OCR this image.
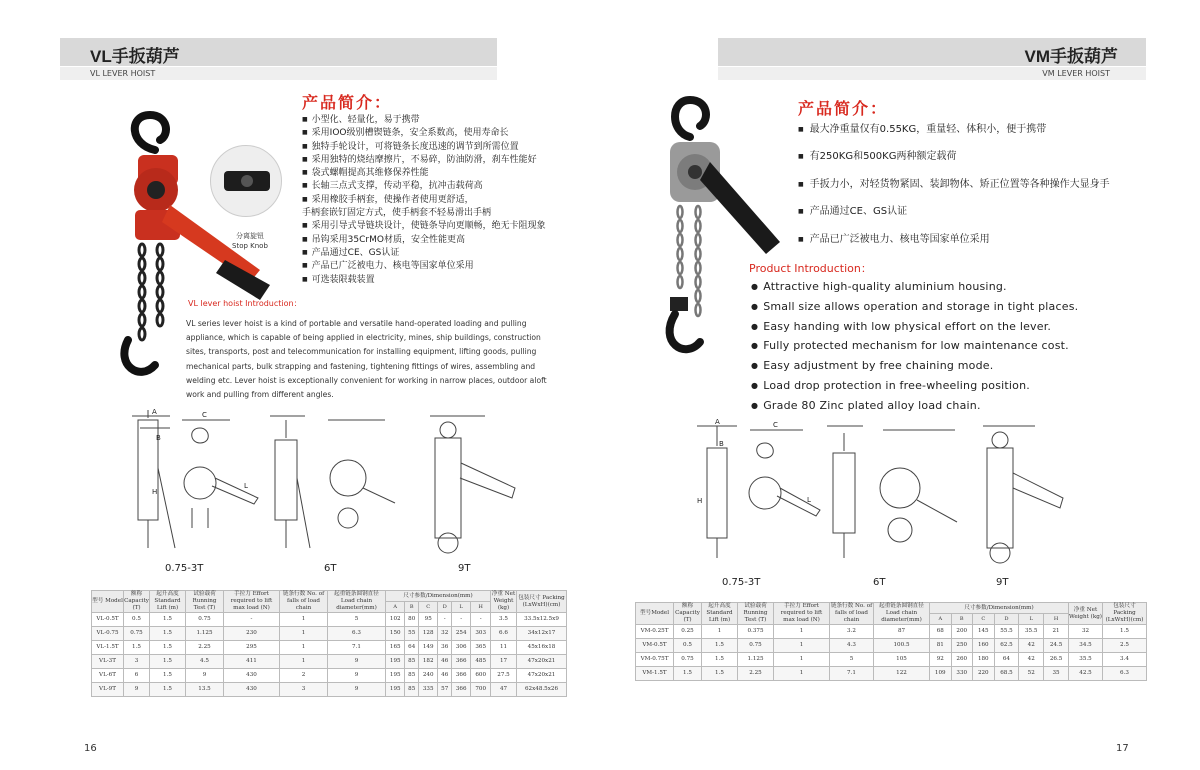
VL手扳葫芦
VL LEVER HOIST
分离旋钮
Stop Knob
产品简介：
■ 小型化、轻量化，易于携带
■ 采用IOO级别槽锲链条，安全系数高，使用寿命长
■ 独特手轮设计，可将链条长度迅速的调节到所需位置
■ 采用独特的烧结摩擦片，不易碎，防油防滑，刹车性能好
■ 袋式螺帽提高其维修保养性能
■ 长轴三点式支撑，传动平稳，抗冲击载荷高
■ 采用橡胶手柄套，使操作者使用更舒适，
手柄套嵌钉固定方式，使手柄套不轻易滑出手柄
■ 采用引导式导链块设计，使链条导向更顺畅，绝无卡阻现象
■ 吊钩采用35CrMO材质，安全性能更高
■ 产品通过CE、GS认证
■ 产品已广泛被电力、核电等国家单位采用
■ 可选装限载装置
VL lever hoist Introduction：
VL series lever hoist is a kind of portable and versatile hand-operated loading and pulling appliance, which is capable of being applied in electricity, mines, ship buildings, construction sites, transports, post and telecommunication for installing equipment, lifting goods, pulling mechanical parts, bulk strapping and fastening, tightening fittings of wires, assembling and welding etc. Lever hoist is exceptionally convenient for working in narrow places, outdoor aloft work and pulling from different angles.
A
B
C
H
L
0.75-3T	6T	9T
型号 Model	额称 Capacity (T)	起升高度 Standard Lift (m)	试验载荷 Running Test (T)	手拉力 Effort required to lift max load (N)	链条行数 No. of falls of load chain	起重链条圆钢直径Load chain diameter(mm)	尺寸参数/Dimension(mm)						净重 Net Weight (kg)	包装尺寸 Packing (LxWxH)(cm)
							A	B	C	D	L	H		
VL-0.5T	0.5	1.5	0.75	-	1	5	102	80	95	-	-	-	3.5	33.5x12.5x9
VL-0.75	0.75	1.5	1.125	230	1	6.3	150	55	128	32	254	303	6.6	34x12x17
VL-1.5T	1.5	1.5	2.25	295	1	7.1	165	64	149	36	306	365	11	45x16x18
VL-3T	3	1.5	4.5	411	1	9	195	85	182	46	366	485	17	47x20x21
VL-6T	6	1.5	9	430	2	9	195	85	240	46	366	600	27.5	47x20x21
VL-9T	9	1.5	13.5	430	3	9	195	85	335	57	366	700	47	62x48.5x26
16
VM手扳葫芦
VM LEVER HOIST
产品简介：
■ 最大净重量仅有0.55KG，重量轻、体积小，便于携带
■ 有250KG和500KG两种额定载荷
■ 手扳力小，对轻货物紧固、装卸物体、矫正位置等各种操作大显身手
■ 产品通过CE、GS认证
■ 产品已广泛被电力、核电等国家单位采用
Product Introduction：
● Attractive high-quality aluminium housing.
● Small size allows operation and storage in tight places.
● Easy handing with low physical effort on the lever.
● Fully protected mechanism for low maintenance cost.
● Easy adjustment by free chaining mode.
● Load drop protection in free-wheeling position.
● Grade 80 Zinc plated alloy load chain.
A
B
C
H	L
0.75-3T	6T	9T
型号Model	额称 Capacity (T)	起升高度 Standard Lift (m)	试验载荷 Running Test (T)	手拉力 Effort required to lift max load (N)	链条行数 No. of falls of load chain	起重链条圆钢直径Load chain diameter(mm)	尺寸参数/Dimension(mm)						净重 Net Weight (kg)	包装尺寸 Packing (LxWxH)(cm)
							A	B	C	D	L	H		
VM-0.25T	0.25	1	0.375	1	3.2	87	68	200	145	55.5	35.5	21	32	1.5
VM-0.5T	0.5	1.5	0.75	1	4.3	100.5	81	250	160	62.5	42	24.5	34.5	2.5
VM-0.75T	0.75	1.5	1.125	1	5	105	92	260	180	64	42	26.5	35.5	3.4
VM-1.5T	1.5	1.5	2.25	1	7.1	122	109	330	220	68.5	52	35	42.5	6.3
17
